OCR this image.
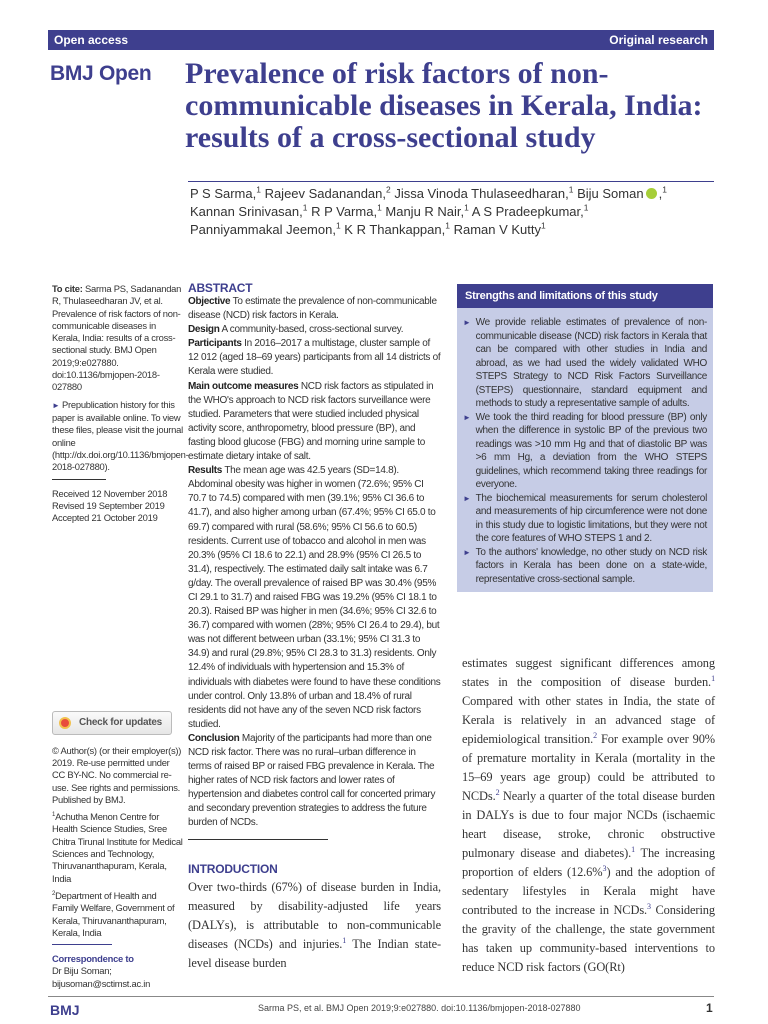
Open access	Original research
BMJ Open Prevalence of risk factors of non-communicable diseases in Kerala, India: results of a cross-sectional study
P S Sarma,$^1$ Rajeev Sadanandan,$^2$ Jissa Vinoda Thulaseedharan,$^1$ Biju Soman ,$^1$
Kannan Srinivasan,$^1$ R P Varma,$^1$ Manju R Nair,$^1$ A S Pradeepkumar,$^1$
Panniyammakal Jeemon,$^1$ K R Thankappan,$^1$ Raman V Kutty$^1$

To cite: Sarma PS, Sadanandan R, Thulaseedharan JV, et al. Prevalence of risk factors of non-communicable diseases in Kerala, India: results of a cross-sectional study. BMJ Open 2019;9:e027880. doi:10.1136/bmjopen-2018-027880

► Prepublication history for this paper is available online. To view these files, please visit the journal online (http://dx.doi.org/10.1136/bmjopen-2018-027880).

Received 12 November 2018
Revised 19 September 2019
Accepted 21 October 2019
Check for updates

© Author(s) (or their employer(s)) 2019. Re-use permitted under CC BY-NC. No commercial re-use. See rights and permissions. Published by BMJ.

$^1$Achutha Menon Centre for Health Science Studies, Sree Chitra Tirunal Institute for Medical Sciences and Technology, Thiruvananthapuram, Kerala, India

$^2$Department of Health and Family Welfare, Government of Kerala, Thiruvananthapuram, Kerala, India

Correspondence to
Dr Biju Soman;
bijusoman@sctimst.ac.in
ABSTRACT
Objective To estimate the prevalence of non-communicable disease (NCD) risk factors in Kerala.
Design A community-based, cross-sectional survey.
Participants In 2016–2017 a multistage, cluster sample of 12 012 (aged 18–69 years) participants from all 14 districts of Kerala were studied.
Main outcome measures NCD risk factors as stipulated in the WHO's approach to NCD risk factors surveillance were studied. Parameters that were studied included physical activity score, anthropometry, blood pressure (BP), and fasting blood glucose (FBG) and morning urine sample to estimate dietary intake of salt.
Results The mean age was 42.5 years (SD=14.8). Abdominal obesity was higher in women (72.6%; 95% CI 70.7 to 74.5) compared with men (39.1%; 95% CI 36.6 to 41.7), and also higher among urban (67.4%; 95% CI 65.0 to 69.7) compared with rural (58.6%; 95% CI 56.6 to 60.5) residents. Current use of tobacco and alcohol in men was 20.3% (95% CI 18.6 to 22.1) and 28.9% (95% CI 26.5 to 31.4), respectively. The estimated daily salt intake was 6.7 g/day. The overall prevalence of raised BP was 30.4% (95% CI 29.1 to 31.7) and raised FBG was 19.2% (95% CI 18.1 to 20.3). Raised BP was higher in men (34.6%; 95% CI 32.6 to 36.7) compared with women (28%; 95% CI 26.4 to 29.4), but was not different between urban (33.1%; 95% CI 31.3 to 34.9) and rural (29.8%; 95% CI 28.3 to 31.3) residents. Only 12.4% of individuals with hypertension and 15.3% of individuals with diabetes were found to have these conditions under control. Only 13.8% of urban and 18.4% of rural residents did not have any of the seven NCD risk factors studied.
Conclusion Majority of the participants had more than one NCD risk factor. There was no rural–urban difference in terms of raised BP or raised FBG prevalence in Kerala. The higher rates of NCD risk factors and lower rates of hypertension and diabetes control call for concerted primary and secondary prevention strategies to address the future burden of NCDs.
INTRODUCTION

Over two-thirds (67%) of disease burden in India, measured by disability-adjusted life years (DALYs), is attributable to non-communicable diseases (NCDs) and injuries.$^1$ The Indian state-level disease burden

Strengths and limitations of this study
► We provide reliable estimates of prevalence of non-communicable disease (NCD) risk factors in Kerala that can be compared with other studies in India and abroad, as we had used the widely validated WHO STEPS Strategy to NCD Risk Factors Surveillance (STEPS) questionnaire, standard equipment and methods to study a representative sample of adults.
► We took the third reading for blood pressure (BP) only when the difference in systolic BP of the previous two readings was >10 mm Hg and that of diastolic BP was >6 mm Hg, a deviation from the WHO STEPS guidelines, which recommend taking three readings for everyone.
► The biochemical measurements for serum cholesterol and measurements of hip circumference were not done in this study due to logistic limitations, but they were not the core features of WHO STEPS 1 and 2.
► To the authors' knowledge, no other study on NCD risk factors in Kerala has been done on a state-wide, representative cross-sectional sample.

estimates suggest significant differences among states in the composition of disease burden.$^1$ Compared with other states in India, the state of Kerala is relatively in an advanced stage of epidemiological transition.$^2$ For example over 90% of premature mortality in Kerala (mortality in the 15–69 years age group) could be attributed to NCDs.$^2$ Nearly a quarter of the total disease burden in DALYs is due to four major NCDs (ischaemic heart disease, stroke, chronic obstructive pulmonary disease and diabetes).$^1$ The increasing proportion of elders (12.6%$^3$) and the adoption of sedentary lifestyles in Kerala might have contributed to the increase in NCDs.$^3$ Considering the gravity of the challenge, the state government has taken up community-based interventions to reduce NCD risk factors (GO(Rt)

BMJ	Sarma PS, et al. BMJ Open 2019;9:e027880. doi:10.1136/bmjopen-2018-027880	1
